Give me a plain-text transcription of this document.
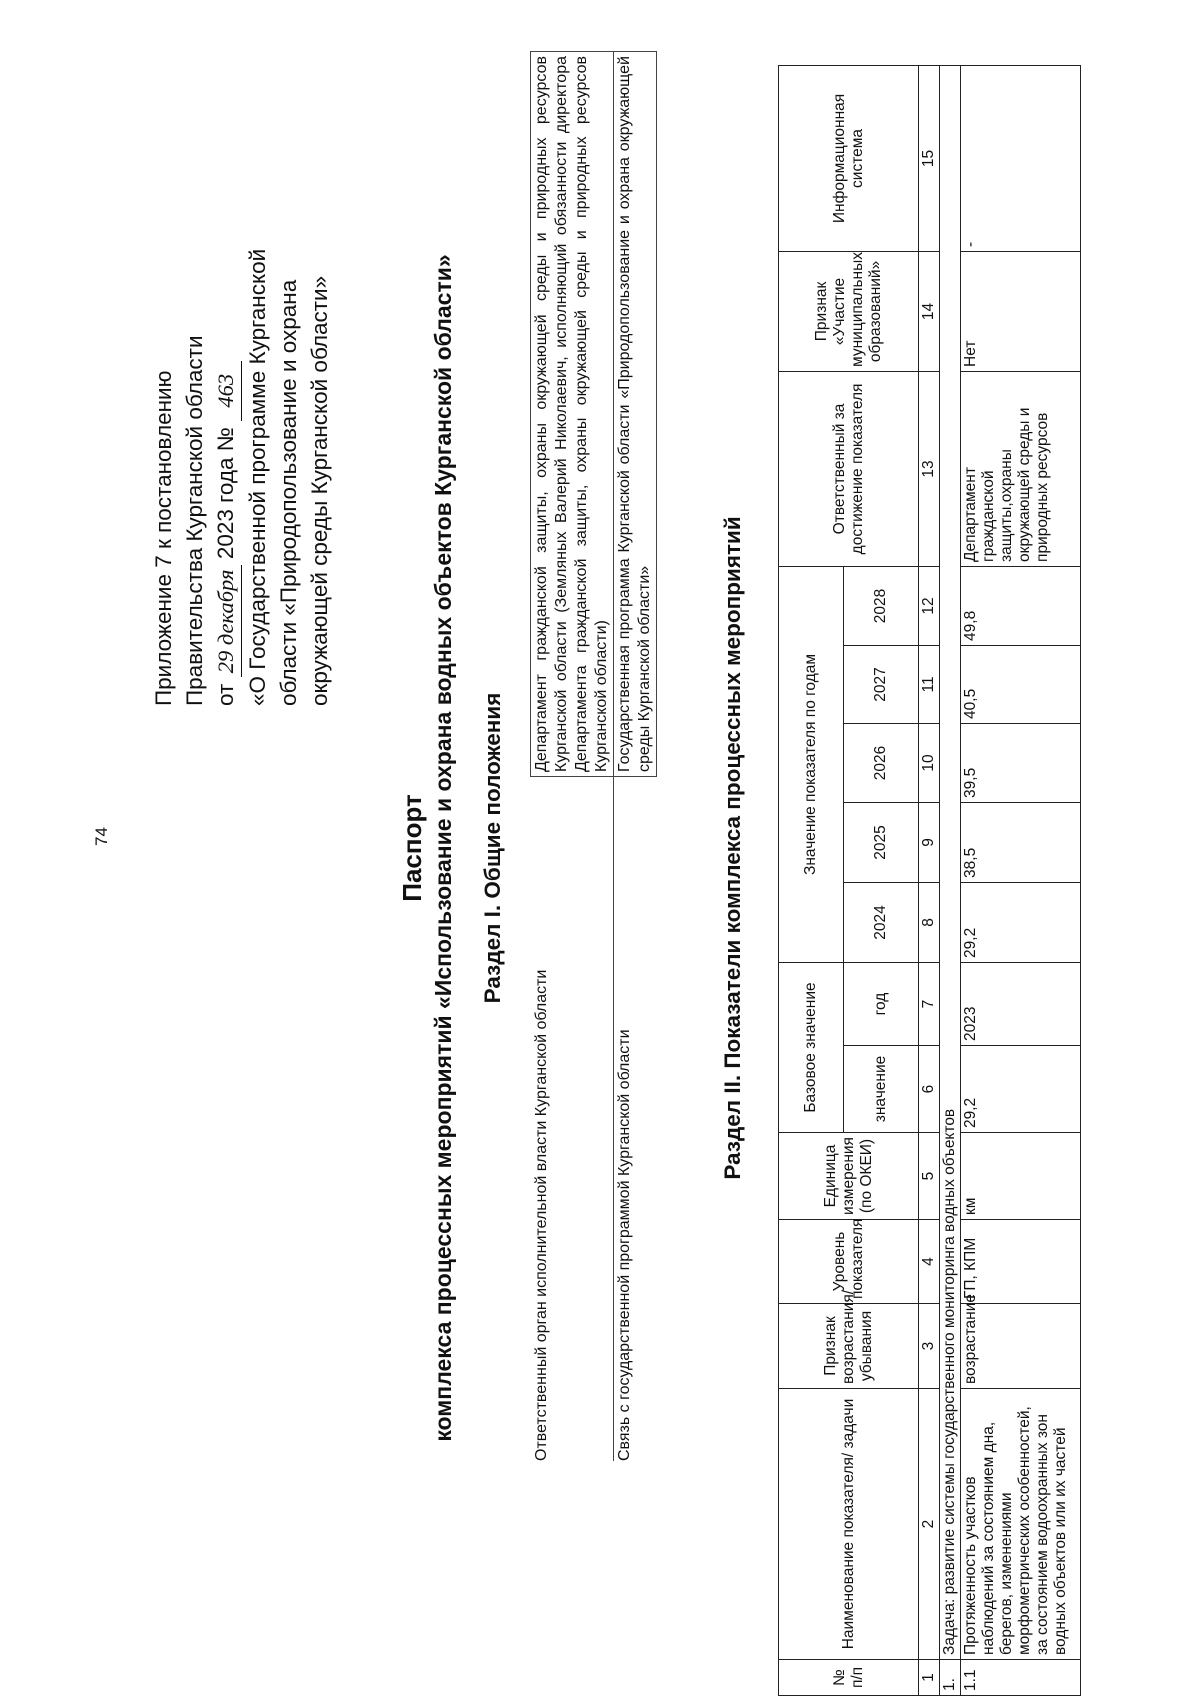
74
Приложение 7 к постановлению Правительства Курганской области от 29 декабря 2023 года № 463 «О Государственной программе Курганской области «Природопользование и охрана окружающей среды Курганской области»
Паспорт комплекса процессных мероприятий «Использование и охрана водных объектов Курганской области» Раздел I. Общие положения
Ответственный орган исполнительной власти Курганской области	Департамент гражданской защиты, охраны окружающей среды и природных ресурсов Курганской области (Земляных Валерий Николаевич, исполняющий обязанности директора Департамента гражданской защиты, охраны окружающей среды и природных ресурсов Курганской области)
Связь с государственной программой Курганской области	Государственная программа Курганской области «Природопользование и охрана окружающей среды Курганской области»	Раздел II. Показатели комплекса процессных мероприятий
№ п/п	Наименование показателя/ задачи	Признак возрастания/ убывания	Уровень показателя	Единица измерения (по ОКЕИ)	Базовое значение		Значение показателя по годам					Ответственный за достижение показателя	Признак «Участие муниципальных образований»	Информационная система
					значение	год	2024	2025	2026	2027	2028			
1	2	3	4	5	6	7	8	9	10	11	12	13	14	15
1.	Задача: развитие системы государственного мониторинга водных объектов													
1.1	Протяженность участков наблюдений за состоянием дна, берегов, изменениями морфометрических особенностей, за состоянием водоохранных зон водных объектов или их частей	возрастание	ГП, КПМ	км	29,2	2023	29,2	38,5	39,5	40,5	49,8	Департамент гражданской защиты,охраны окружающей среды и природных ресурсов	Нет	-
